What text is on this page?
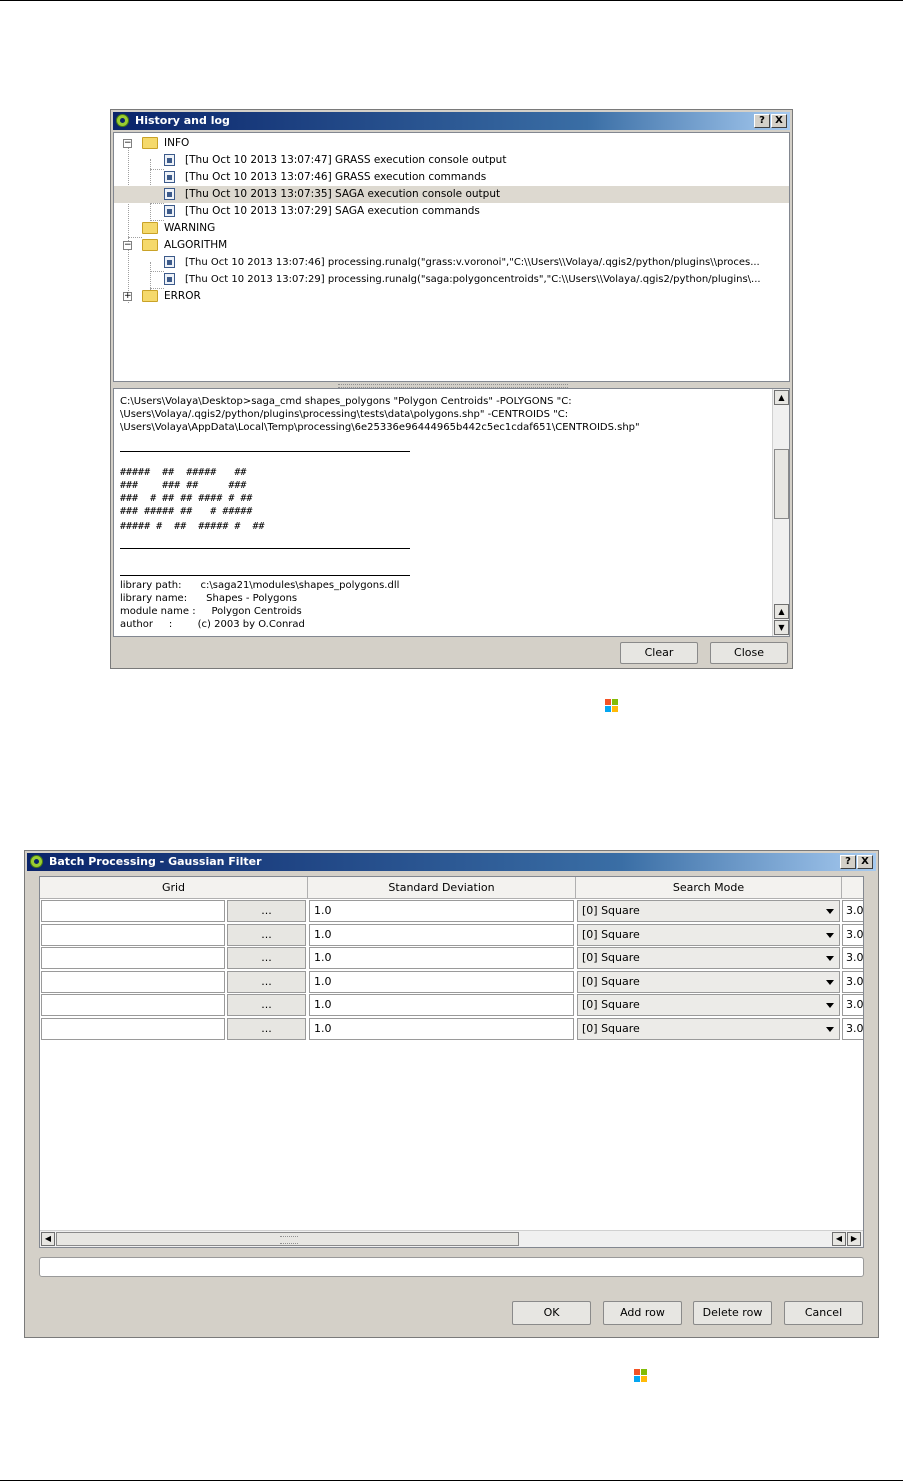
History and log	?	X
−	INFO
[Thu Oct 10 2013 13:07:47] GRASS execution console output
[Thu Oct 10 2013 13:07:46] GRASS execution commands
[Thu Oct 10 2013 13:07:35] SAGA execution console output
[Thu Oct 10 2013 13:07:29] SAGA execution commands
WARNING
−	ALGORITHM
[Thu Oct 10 2013 13:07:46] processing.runalg("grass:v.voronoi","C:\\Users\\Volaya/.qgis2/python/plugins\\proces...
[Thu Oct 10 2013 13:07:29] processing.runalg("saga:polygoncentroids","C:\\Users\\Volaya/.qgis2/python/plugins\...
+	ERROR
C:\Users\Volaya\Desktop>saga_cmd shapes_polygons "Polygon Centroids" -POLYGONS "C:
\Users\Volaya/.qgis2/python/plugins\processing\tests\data\polygons.shp" -CENTROIDS "C:
\Users\Volaya\AppData\Local\Temp\processing\6e25336e96444965b442c5ec1cdaf651\CENTROIDS.shp"
#####  ##  #####   ##
###    ### ##     ###
###  # ## ## #### # ##
### ##### ##   # #####
##### #  ##  ##### #  ##
library path:      c:\saga21\modules\shapes_polygons.dll
library name:      Shapes - Polygons
module name :     Polygon Centroids
author     :        (c) 2003 by O.Conrad
▲
▲
▼
Clear	Close
Batch Processing - Gaussian Filter	?	X
Grid	Standard Deviation	Search Mode
...	1.0	[0] Square	3.0
...	1.0	[0] Square	3.0
...	1.0	[0] Square	3.0
...	1.0	[0] Square	3.0
...	1.0	[0] Square	3.0
...	1.0	[0] Square	3.0
◀	◀	▶
OK	Add row	Delete row	Cancel
